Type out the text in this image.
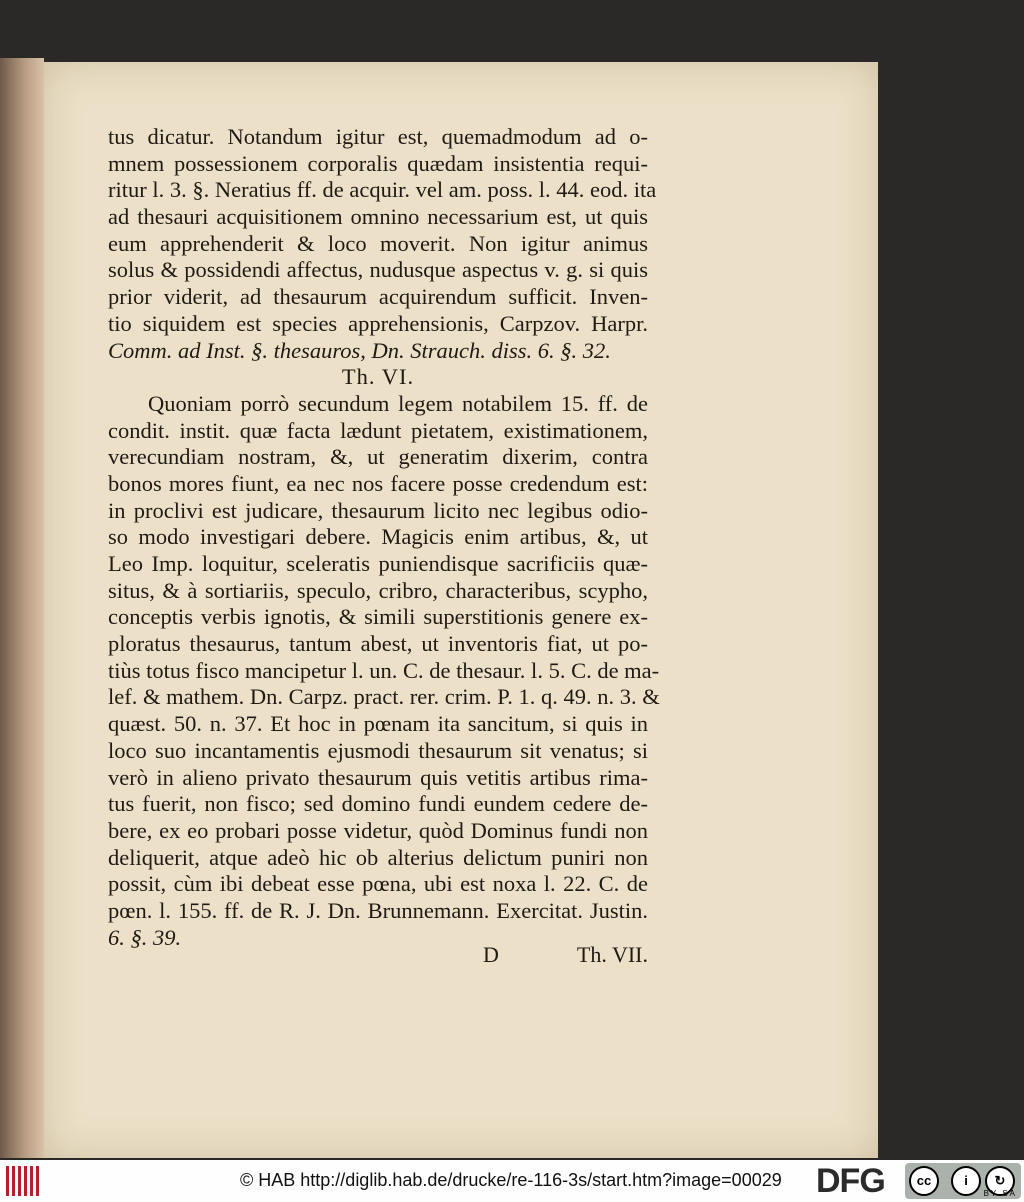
tus dicatur. Notandum igitur est, quemadmodum ad o-
mnem possessionem corporalis quædam insistentia requi-
ritur l. 3. §. Neratius ff. de acquir. vel am. poss. l. 44. eod. ita
ad thesauri acquisitionem omnino necessarium est, ut quis
eum apprehenderit & loco moverit. Non igitur animus
solus & possidendi affectus, nudusque aspectus v. g. si quis
prior viderit, ad thesaurum acquirendum sufficit. Inven-
tio siquidem est species apprehensionis, Carpzov. Harpr.
Comm. ad Inst. §. thesauros, Dn. Strauch. diss. 6. §. 32.
Th. VI.
Quoniam porrò secundum legem notabilem 15. ff. de
condit. instit. quæ facta lædunt pietatem, existimationem,
verecundiam nostram, &, ut generatim dixerim, contra
bonos mores fiunt, ea nec nos facere posse credendum est:
in proclivi est judicare, thesaurum licito nec legibus odio-
so modo investigari debere. Magicis enim artibus, &, ut
Leo Imp. loquitur, sceleratis puniendisque sacrificiis quæ-
situs, & à sortiariis, speculo, cribro, characteribus, scypho,
conceptis verbis ignotis, & simili superstitionis genere ex-
ploratus thesaurus, tantum abest, ut inventoris fiat, ut po-
tiùs totus fisco mancipetur l. un. C. de thesaur. l. 5. C. de ma-
lef. & mathem. Dn. Carpz. pract. rer. crim. P. 1. q. 49. n. 3. &
quæst. 50. n. 37. Et hoc in pœnam ita sancitum, si quis in
loco suo incantamentis ejusmodi thesaurum sit venatus; si
verò in alieno privato thesaurum quis vetitis artibus rima-
tus fuerit, non fisco; sed domino fundi eundem cedere de-
bere, ex eo probari posse videtur, quòd Dominus fundi non
deliquerit, atque adeò hic ob alterius delictum puniri non
possit, cùm ibi debeat esse pœna, ubi est noxa l. 22. C. de
pœn. l. 155. ff. de R. J. Dn. Brunnemann. Exercitat. Justin.
6. §. 39.
D	Th. VII.
© HAB http://diglib.hab.de/drucke/re-116-3s/start.htm?image=00029 DFG	cc	i	↻
BY SA
